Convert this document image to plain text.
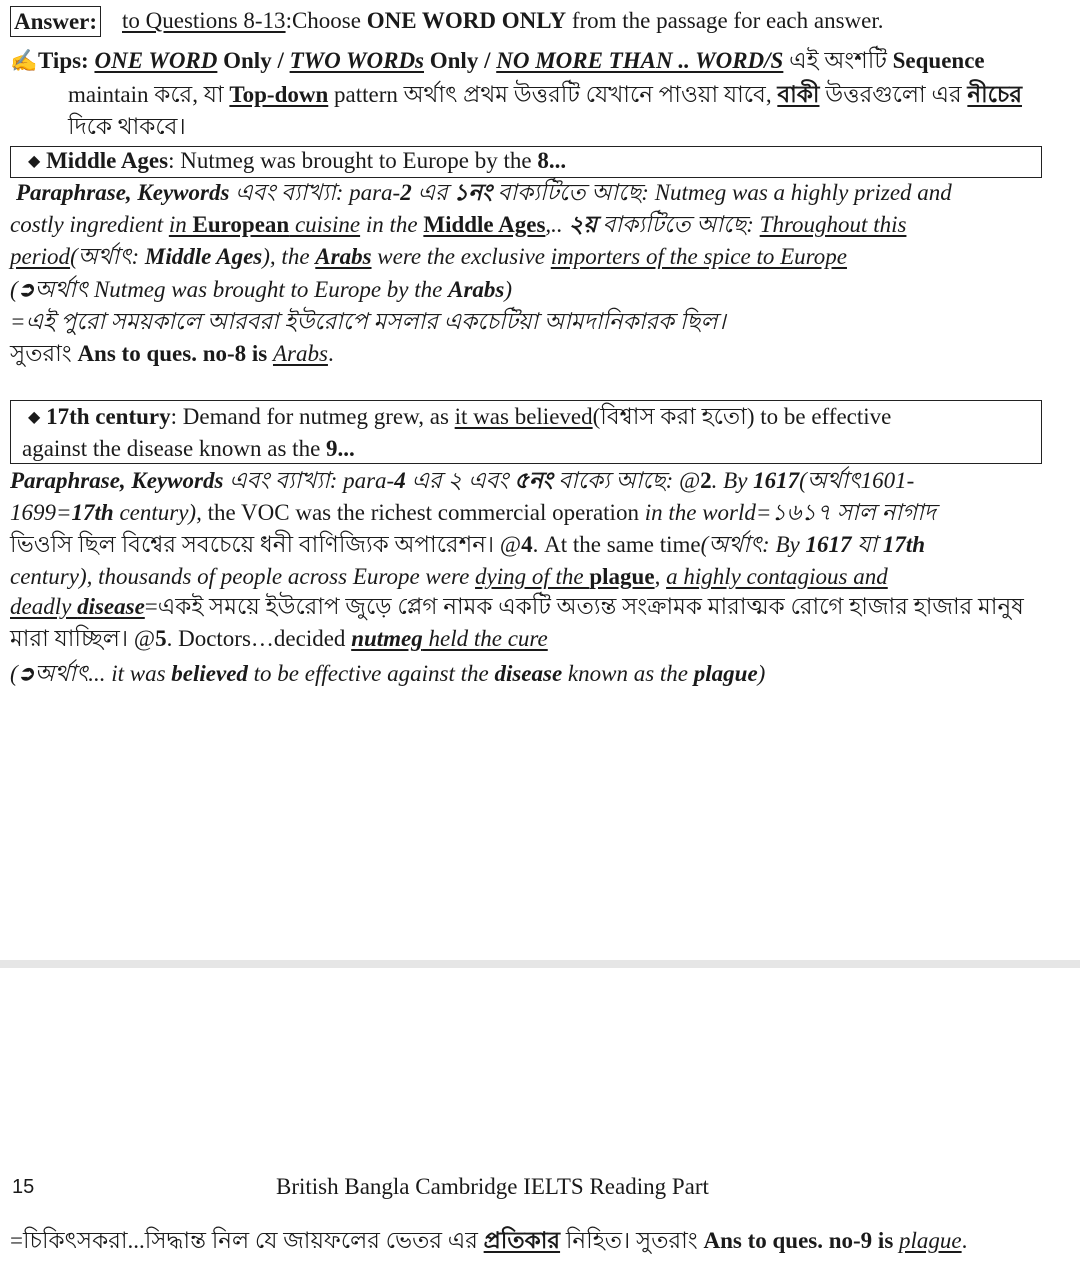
Answer: to Questions 8-13:Choose ONE WORD ONLY from the passage for each answer.
✍Tips: ONE WORD Only / TWO WORDs Only / NO MORE THAN .. WORD/S এই অংশটি Sequence
maintain করে, যা Top-down pattern অর্থাৎ প্রথম উত্তরটি যেখানে পাওয়া যাবে, বাকী উত্তরগুলো এর নীচের
দিকে থাকবে।
◆ Middle Ages: Nutmeg was brought to Europe by the 8...
Paraphrase, Keywords এবং ব্যাখ্যা: para-2 এর ১নং বাক্যটিতে আছে: Nutmeg was a highly prized and
costly ingredient in European cuisine in the Middle Ages,.. ২য় বাক্যটিতে আছে: Throughout this
period(অর্থাৎ: Middle Ages), the Arabs were the exclusive importers of the spice to Europe
(➲অর্থাৎ Nutmeg was brought to Europe by the Arabs)
=এই পুরো সময়কালে আরবরা ইউরোপে মসলার একচেটিয়া আমদানিকারক ছিল।
সুতরাং Ans to ques. no-8 is Arabs.
◆ 17th century: Demand for nutmeg grew, as it was believed(বিশ্বাস করা হতো) to be effective
against the disease known as the 9...
Paraphrase, Keywords এবং ব্যাখ্যা: para-4 এর ২ এবং ৫নং বাক্যে আছে: @2. By 1617(অর্থাৎ1601-
1699=17th century), the VOC was the richest commercial operation in the world=১৬১৭ সাল নাগাদ
ভিওসি ছিল বিশ্বের সবচেয়ে ধনী বাণিজ্যিক অপারেশন। @4. At the same time(অর্থাৎ: By 1617 যা 17th
century), thousands of people across Europe were dying of the plague, a highly contagious and
deadly disease=একই সময়ে ইউরোপ জুড়ে প্লেগ নামক একটি অত্যন্ত সংক্রামক মারাত্মক রোগে হাজার হাজার মানুষ
মারা যাচ্ছিল। @5. Doctors…decided nutmeg held the cure
(➲অর্থাৎ... it was believed to be effective against the disease known as the plague)
15	British Bangla Cambridge IELTS Reading Part
=চিকিৎসকরা...সিদ্ধান্ত নিল যে জায়ফলের ভেতর এর প্রতিকার নিহিত। সুতরাং Ans to ques. no-9 is plague.
